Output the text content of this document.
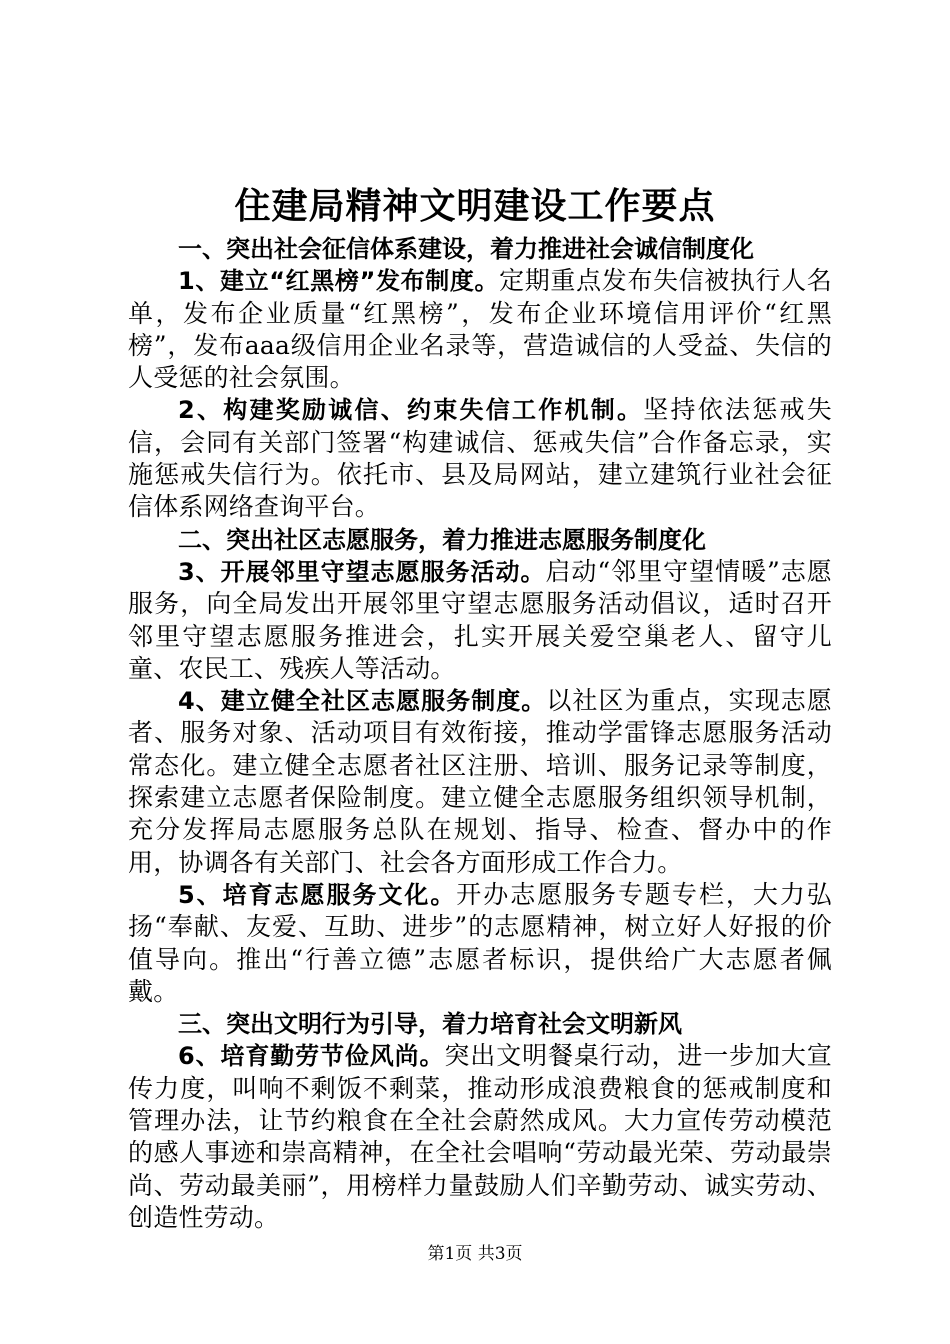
住建局精神文明建设工作要点

一、突出社会征信体系建设，着力推进社会诚信制度化

1、建立“红黑榜”发布制度。定期重点发布失信被执行人名单，发布企业质量“红黑榜”，发布企业环境信用评价“红黑榜”，发布aaa级信用企业名录等，营造诚信的人受益、失信的人受惩的社会氛围。

2、构建奖励诚信、约束失信工作机制。坚持依法惩戒失信，会同有关部门签署“构建诚信、惩戒失信”合作备忘录，实施惩戒失信行为。依托市、县及局网站，建立建筑行业社会征信体系网络查询平台。

二、突出社区志愿服务，着力推进志愿服务制度化

3、开展邻里守望志愿服务活动。启动“邻里守望情暖”志愿服务，向全局发出开展邻里守望志愿服务活动倡议，适时召开邻里守望志愿服务推进会，扎实开展关爱空巢老人、留守儿童、农民工、残疾人等活动。

4、建立健全社区志愿服务制度。以社区为重点，实现志愿者、服务对象、活动项目有效衔接，推动学雷锋志愿服务活动常态化。建立健全志愿者社区注册、培训、服务记录等制度，探索建立志愿者保险制度。建立健全志愿服务组织领导机制，充分发挥局志愿服务总队在规划、指导、检查、督办中的作用，协调各有关部门、社会各方面形成工作合力。

5、培育志愿服务文化。开办志愿服务专题专栏，大力弘扬“奉献、友爱、互助、进步”的志愿精神，树立好人好报的价值导向。推出“行善立德”志愿者标识，提供给广大志愿者佩戴。

三、突出文明行为引导，着力培育社会文明新风

6、培育勤劳节俭风尚。突出文明餐桌行动，进一步加大宣传力度，叫响不剩饭不剩菜，推动形成浪费粮食的惩戒制度和管理办法，让节约粮食在全社会蔚然成风。大力宣传劳动模范的感人事迹和崇高精神，在全社会唱响“劳动最光荣、劳动最崇尚、劳动最美丽”，用榜样力量鼓励人们辛勤劳动、诚实劳动、创造性劳动。

第1页 共3页
